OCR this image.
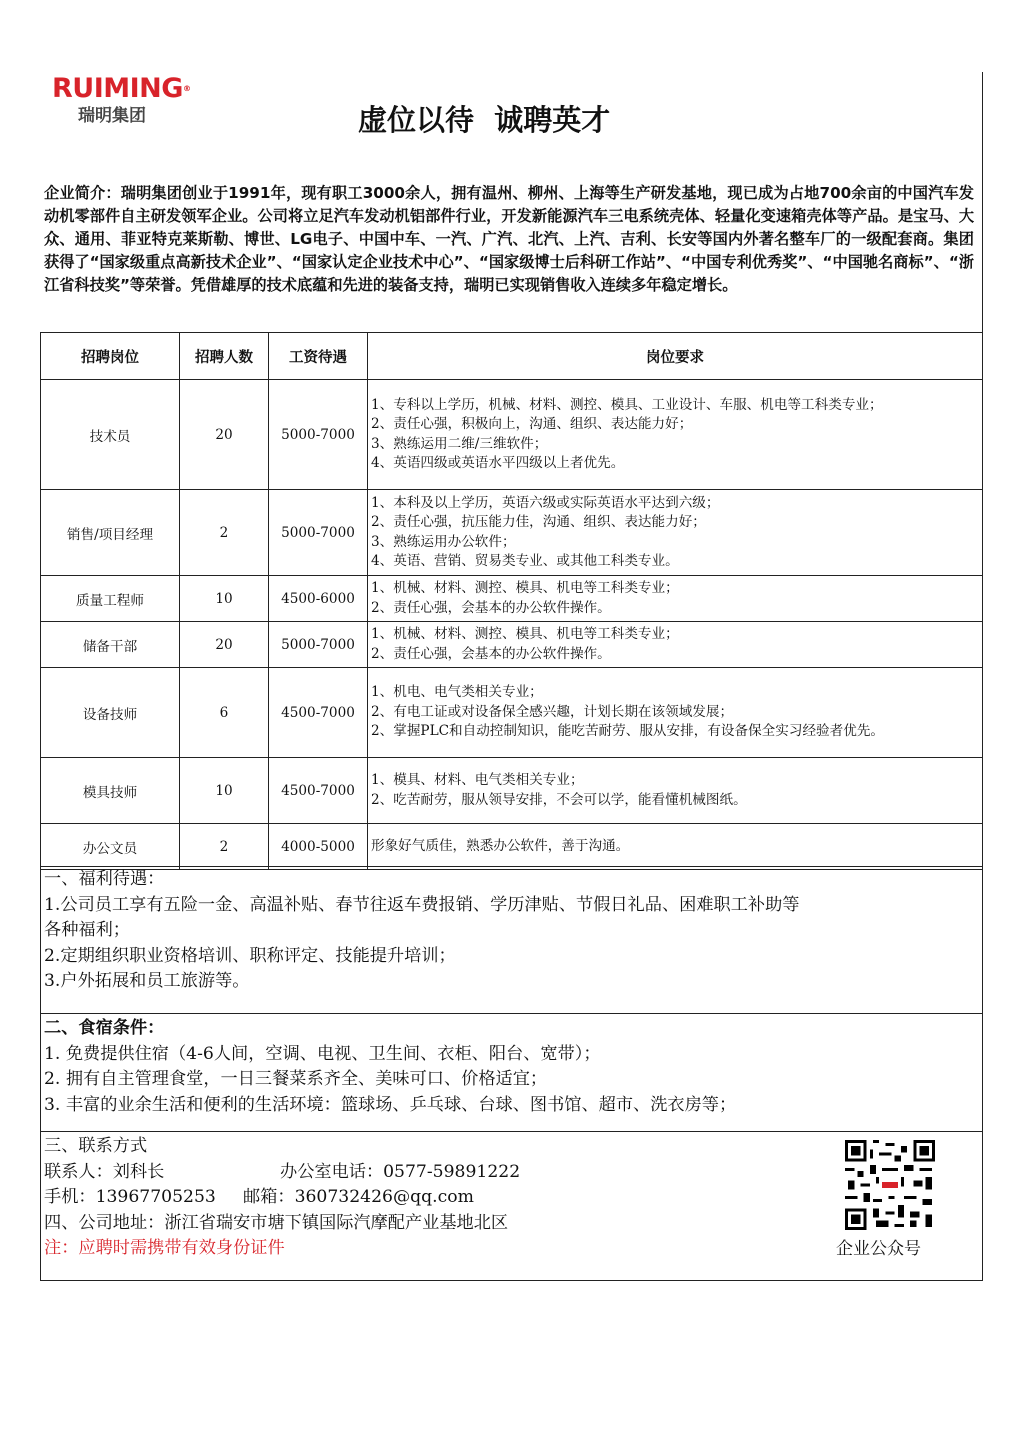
RUIMING®
瑞明集团	虚位以待  诚聘英才
企业简介：瑞明集团创业于1991年，现有职工3000余人，拥有温州、柳州、上海等生产研发基地，现已成为占地700余亩的中国汽车发动机零部件自主研发领军企业。公司将立足汽车发动机铝部件行业，开发新能源汽车三电系统壳体、轻量化变速箱壳体等产品。是宝马、大众、通用、菲亚特克莱斯勒、博世、LG电子、中国中车、一汽、广汽、北汽、上汽、吉利、长安等国内外著名整车厂的一级配套商。集团获得了“国家级重点高新技术企业”、“国家认定企业技术中心”、“国家级博士后科研工作站”、“中国专利优秀奖”、“中国驰名商标”、“浙江省科技奖”等荣誉。凭借雄厚的技术底蕴和先进的装备支持，瑞明已实现销售收入连续多年稳定增长。
招聘岗位	招聘人数	工资待遇	岗位要求
技术员	20	5000-7000	1、专科以上学历，机械、材料、测控、模具、工业设计、车服、机电等工科类专业；
2、责任心强，积极向上，沟通、组织、表达能力好；
3、熟练运用二维/三维软件；
4、英语四级或英语水平四级以上者优先。

销售/项目经理	2	5000-7000	1、本科及以上学历，英语六级或实际英语水平达到六级；
2、责任心强，抗压能力佳，沟通、组织、表达能力好；
3、熟练运用办公软件；
4、英语、营销、贸易类专业、或其他工科类专业。

质量工程师	10	4500-6000	1、机械、材料、测控、模具、机电等工科类专业；
2、责任心强，会基本的办公软件操作。

储备干部	20	5000-7000	1、机械、材料、测控、模具、机电等工科类专业；
2、责任心强，会基本的办公软件操作。

设备技师	6	4500-7000	1、机电、电气类相关专业；
2、有电工证或对设备保全感兴趣，计划长期在该领域发展；
2、掌握PLC和自动控制知识，能吃苦耐劳、服从安排，有设备保全实习经验者优先。

模具技师	10	4500-7000	1、模具、材料、电气类相关专业；
2、吃苦耐劳，服从领导安排，不会可以学，能看懂机械图纸。

办公文员	2	4000-5000	形象好气质佳，熟悉办公软件，善于沟通。
一、福利待遇：
1.公司员工享有五险一金、高温补贴、春节往返车费报销、学历津贴、节假日礼品、困难职工补助等
各种福利；
2.定期组织职业资格培训、职称评定、技能提升培训；
3.户外拓展和员工旅游等。
二、食宿条件：
1. 免费提供住宿（4-6人间，空调、电视、卫生间、衣柜、阳台、宽带）；
2. 拥有自主管理食堂，一日三餐菜系齐全、美味可口、价格适宜；
3. 丰富的业余生活和便利的生活环境：篮球场、乒乓球、台球、图书馆、超市、洗衣房等；
三、联系方式
联系人：刘科长	办公室电话：0577-59891222
手机：13967705253 邮箱：360732426@qq.com
四、公司地址：浙江省瑞安市塘下镇国际汽摩配产业基地北区
注：应聘时需携带有效身份证件	企业公众号
